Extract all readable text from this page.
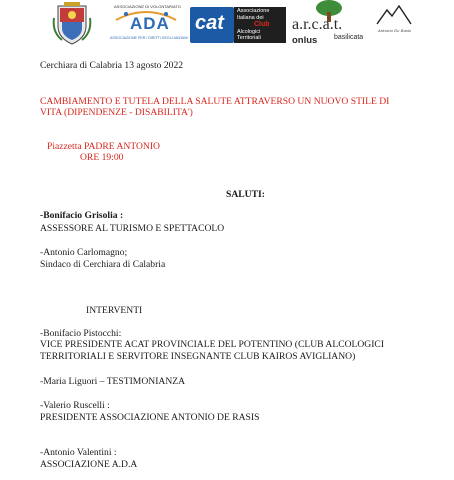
ASSOCIAZIONE DI VOLONTARIATO
ADA
ASSOCIAZIONE PER I DIRITTI DEGLI ANZIANI
cat
Associazione
Italiana dei
Club
Alcologici
Territoriali
a.r.c.a.t.
basilicata
onlus
Antonio De Rasis
Cerchiara di Calabria 13 agosto 2022
CAMBIAMENTO E TUTELA DELLA SALUTE ATTRAVERSO UN NUOVO STILE DI
VITA (DIPENDENZE - DISABILITA')
Piazzetta PADRE ANTONIO
ORE 19:00
SALUTI:
-Bonifacio Grisolia :
ASSESSORE AL TURISMO E SPETTACOLO
-Antonio Carlomagno;
Sindaco di Cerchiara di Calabria
INTERVENTI
-Bonifacio Pistocchi:
VICE PRESIDENTE ACAT PROVINCIALE DEL POTENTINO (CLUB ALCOLOGICI
TERRITORIALI E SERVITORE INSEGNANTE CLUB KAIROS AVIGLIANO)
-Maria Liguori – TESTIMONIANZA
-Valerio Ruscelli :
PRESIDENTE ASSOCIAZIONE ANTONIO DE RASIS
-Antonio Valentini :
ASSOCIAZIONE A.D.A
